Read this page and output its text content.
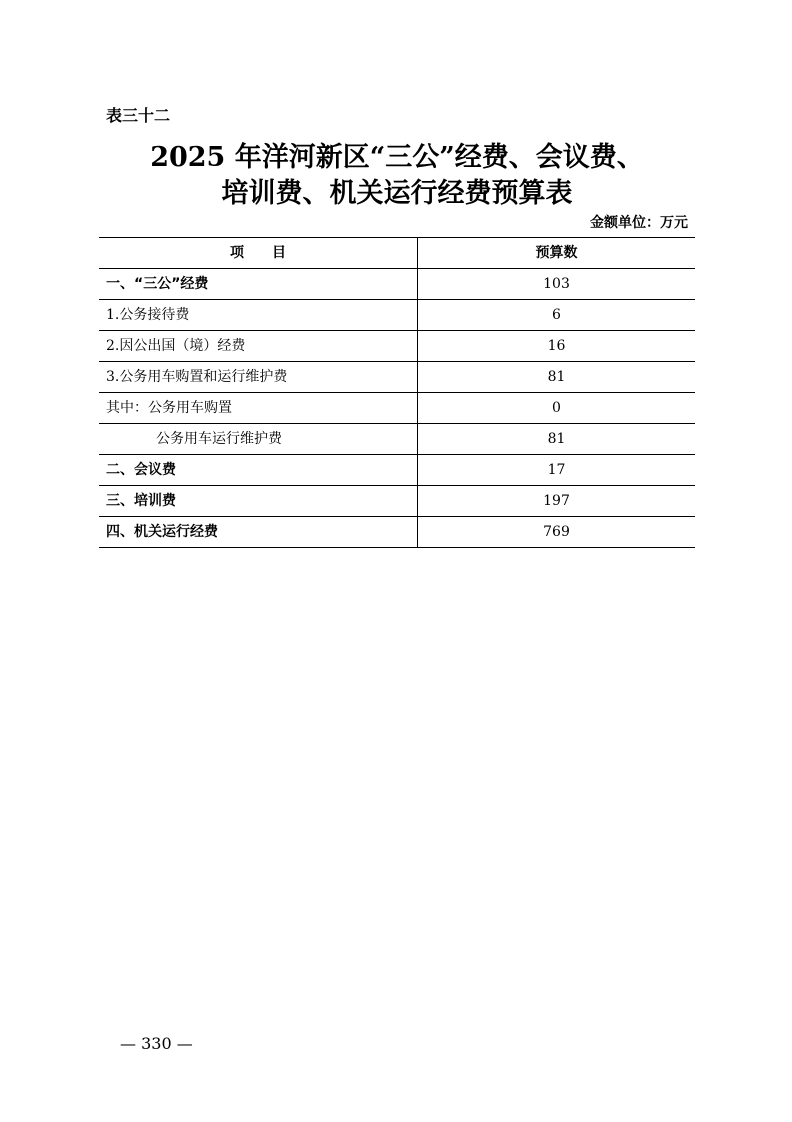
表三十二
2025 年洋河新区“三公”经费、会议费、
培训费、机关运行经费预算表
金额单位：万元
项　　目	预算数
一、“三公”经费	103
1.公务接待费	6
2.因公出国（境）经费	16
3.公务用车购置和运行维护费	81
其中：公务用车购置	0
公务用车运行维护费	81
二、会议费	17
三、培训费	197
四、机关运行经费	769
— 330 —
